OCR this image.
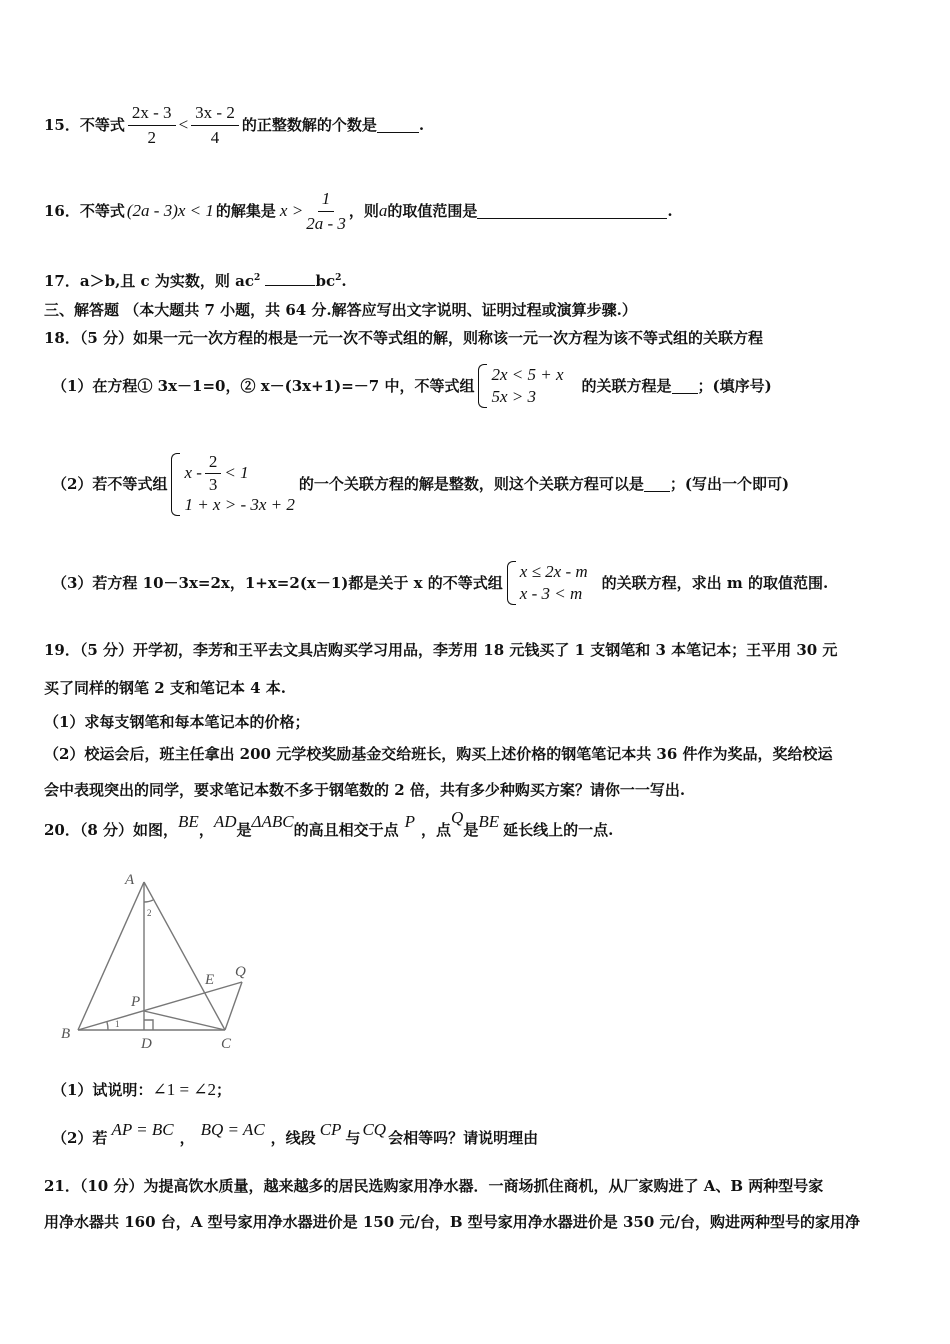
15． 不等式 $\frac{2x - 3}{2} < \frac{3x - 2}{4}$ 的正整数解的个数是	.
16． 不等式 (2a - 3)x < 1 的解集是 $x > \frac{1}{2a - 3}$ ，则 a 的取值范围是	.
17．a＞b,且 c 为实数，则 $ac^2$	$bc^2$.
三、解答题 （本大题共 7 小题，共 64 分.解答应写出文字说明、证明过程或演算步骤.）
18．（5 分）如果一元一次方程的根是一元一次不等式组的解，则称该一元一次方程为该不等式组的关联方程
（1）在方程① 3x－1=0，② x－(3x+1)=－7 中，不等式组
2x < 5 + x
5x > 3
的关联方程是 ；(填序号)
（2）若不等式组
$x - \frac{2}{3} < 1$
1 + x > - 3x + 2
的一个关联方程的解是整数，则这个关联方程可以是 ；(写出一个即可)
（3）若方程 10－3x=2x，1+x=2(x－1)都是关于 x 的不等式组
x ≤ 2x - m
x - 3 < m
的关联方程，求出 m 的取值范围.
19．（5 分）开学初，李芳和王平去文具店购买学习用品，李芳用 18 元钱买了 1 支钢笔和 3 本笔记本；王平用 30 元
买了同样的钢笔 2 支和笔记本 4 本.
（1）求每支钢笔和每本笔记本的价格；
（2）校运会后，班主任拿出 200 元学校奖励基金交给班长，购买上述价格的钢笔笔记本共 36 件作为奖品，奖给校运
会中表现突出的同学，要求笔记本数不多于钢笔数的 2 倍，共有多少种购买方案？请你一一写出.
20．（8 分）如图，BE，AD是ΔABC的高且相交于点 P ，点Q是BE 延长线上的一点.
A
B
C
D
E
P
Q
1
2
（1）试说明：∠1 = ∠2；
（2）若 AP = BC ， BQ = AC ，线段 CP 与 CQ 会相等吗？请说明理由
21．（10 分）为提高饮水质量，越来越多的居民选购家用净水器．一商场抓住商机，从厂家购进了 A、B 两种型号家
用净水器共 160 台，A 型号家用净水器进价是 150 元/台，B 型号家用净水器进价是 350 元/台，购进两种型号的家用净
